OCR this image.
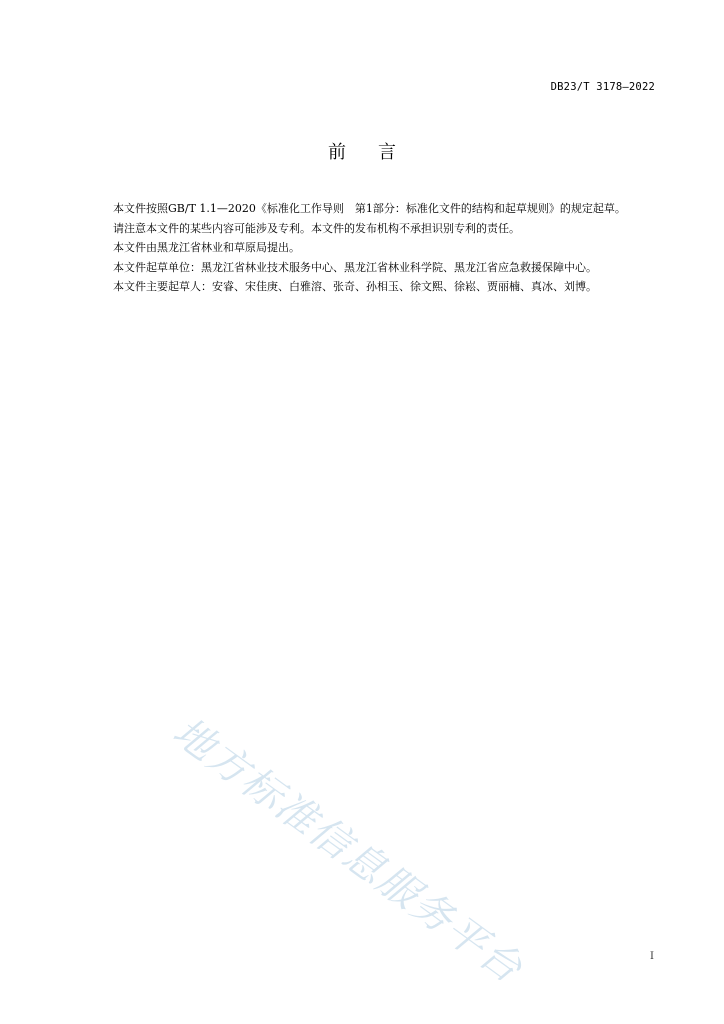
DB23/T 3178—2022
前言

本文件按照GB/T 1.1—2020《标准化工作导则　第1部分：标准化文件的结构和起草规则》的规定起草。

请注意本文件的某些内容可能涉及专利。本文件的发布机构不承担识别专利的责任。

本文件由黑龙江省林业和草原局提出。

本文件起草单位：黑龙江省林业技术服务中心、黑龙江省林业科学院、黑龙江省应急救援保障中心。

本文件主要起草人：安睿、宋佳庚、白雅溶、张奇、孙相玉、徐文熙、徐崧、贾丽楠、真冰、刘博。

地方标准信息服务平台	I
